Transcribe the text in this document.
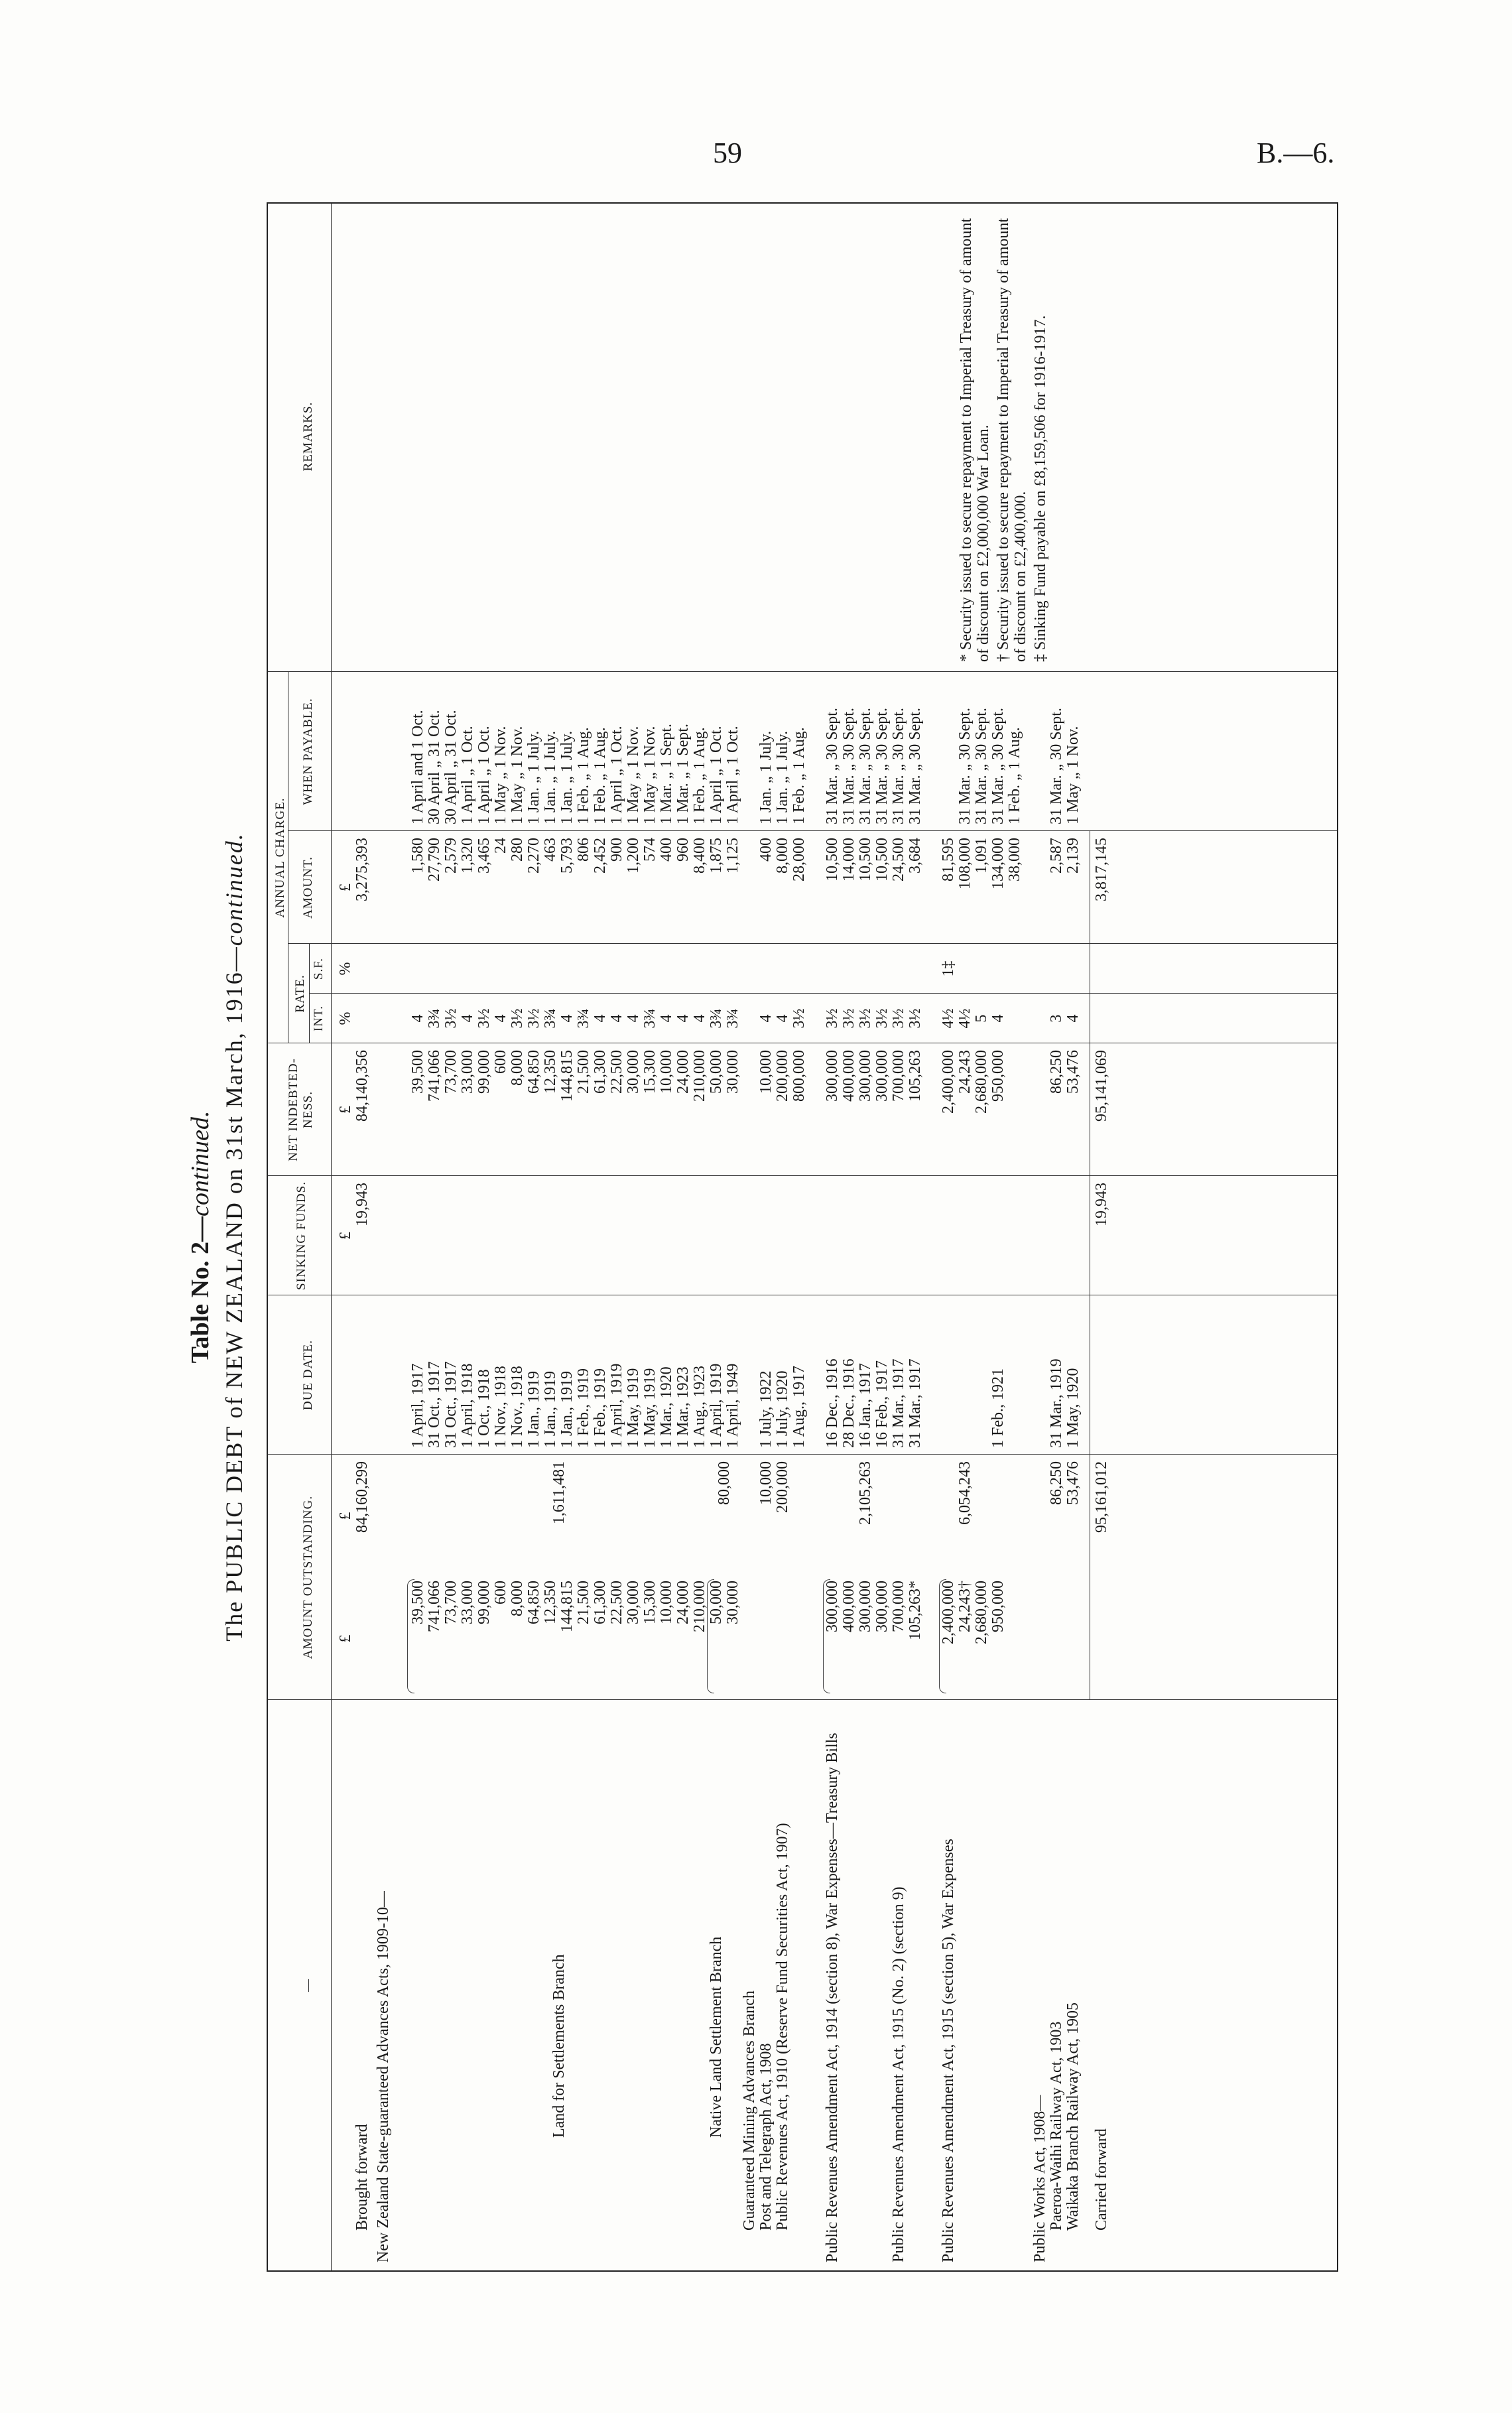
59	B.—6.
Table No. 2—continued. The PUBLIC DEBT of NEW ZEALAND on 31st March, 1916—continued.
—
AMOUNT OUTSTANDING.
DUE DATE.
SINKING FUNDS.
NET INDEBTED-NESS.
ANNUAL CHARGE.
RATE.
INT.
S.F.
AMOUNT.
WHEN PAYABLE.
REMARKS.
£
£
£
£
%
%
£
Brought forward
84,160,299
19,943
84,140,356
3,275,393
New Zealand State-guaranteed Advances Acts, 1909-10—
39,500
1 April, 1917
39,500
4
1,580
1 April and 1 Oct.
741,066
31 Oct., 1917
741,066
3¾
27,790
30 April „ 31 Oct.
73,700
31 Oct., 1917
73,700
3½
2,579
30 April „ 31 Oct.
33,000
1 April, 1918
33,000
4
1,320
1 April „ 1 Oct.
99,000
1 Oct., 1918
99,000
3½
3,465
1 April „ 1 Oct.
600
1 Nov., 1918
600
4
24
1 May „ 1 Nov.
8,000
1 Nov., 1918
8,000
3½
280
1 May „ 1 Nov.
64,850
1 Jan., 1919
64,850
3½
2,270
1 Jan. „ 1 July.
12,350
1 Jan., 1919
12,350
3¾
463
1 Jan. „ 1 July.
144,815
1 Jan., 1919
144,815
4
5,793
1 Jan. „ 1 July.
21,500
1 Feb., 1919
21,500
3¾
806
1 Feb. „ 1 Aug.
61,300
1 Feb., 1919
61,300
4
2,452
1 Feb. „ 1 Aug.
22,500
1 April, 1919
22,500
4
900
1 April „ 1 Oct.
30,000
1 May, 1919
30,000
4
1,200
1 May „ 1 Nov.
15,300
1 May, 1919
15,300
3¾
574
1 May „ 1 Nov.
10,000
1 Mar., 1920
10,000
4
400
1 Mar. „ 1 Sept.
24,000
1 Mar., 1923
24,000
4
960
1 Mar. „ 1 Sept.
210,000
1 Aug., 1923
210,000
4
8,400
1 Feb. „ 1 Aug.
Land for Settlements Branch
1,611,481
50,000
1 April, 1919
50,000
3¾
1,875
1 April „ 1 Oct.
30,000
1 April, 1949
30,000
3¾
1,125
1 April „ 1 Oct.
Native Land Settlement Branch
80,000
Guaranteed Mining Advances Branch Post and Telegraph Act, 1908
10,000
1 July, 1922
10,000
4
400
1 Jan. „ 1 July.
Public Revenues Act, 1910 (Reserve Fund Securities Act, 1907)
200,000
1 July, 1920
200,000
4
8,000
1 Jan. „ 1 July.
1 Aug., 1917
800,000
3½
28,000
1 Feb. „ 1 Aug.
Public Revenues Amendment Act, 1914 (section 8), War Expenses—Treasury Bills
300,000
16 Dec., 1916
300,000
3½
10,500
31 Mar. „ 30 Sept.
400,000
28 Dec., 1916
400,000
3½
14,000
31 Mar. „ 30 Sept.
300,000
16 Jan., 1917
300,000
3½
10,500
31 Mar. „ 30 Sept.
300,000
16 Feb., 1917
300,000
3½
10,500
31 Mar. „ 30 Sept.
700,000
31 Mar., 1917
700,000
3½
24,500
31 Mar. „ 30 Sept.
105,263*
31 Mar., 1917
105,263
3½
3,684
31 Mar. „ 30 Sept.
2,105,263
Public Revenues Amendment Act, 1915 (No. 2) (section 9) Public Revenues Amendment Act, 1915 (section 5), War Expenses
2,400,000
2,400,000
4½
81,595
24,243†
24,243
4½
108,000
31 Mar. „ 30 Sept.
2,680,000
2,680,000
5
1,091
31 Mar. „ 30 Sept.
950,000
1 Feb., 1921
950,000
4
134,000
31 Mar. „ 30 Sept.
38,000
1 Feb. „ 1 Aug.
6,054,243
1‡
Public Works Act, 1908— Paeroa-Waihi Railway Act, 1903
86,250
31 Mar., 1919
86,250
3
2,587
31 Mar. „ 30 Sept.
Waikaka Branch Railway Act, 1905
53,476
1 May, 1920
53,476
4
2,139
1 May „ 1 Nov.
Carried forward
95,161,012
19,943
95,141,069
3,817,145
* Security issued to secure repayment to Imperial Treasury of amount of discount on £2,000,000 War Loan. † Security issued to secure repayment to Imperial Treasury of amount of discount on £2,400,000. ‡ Sinking Fund payable on £8,159,506 for 1916-1917.
